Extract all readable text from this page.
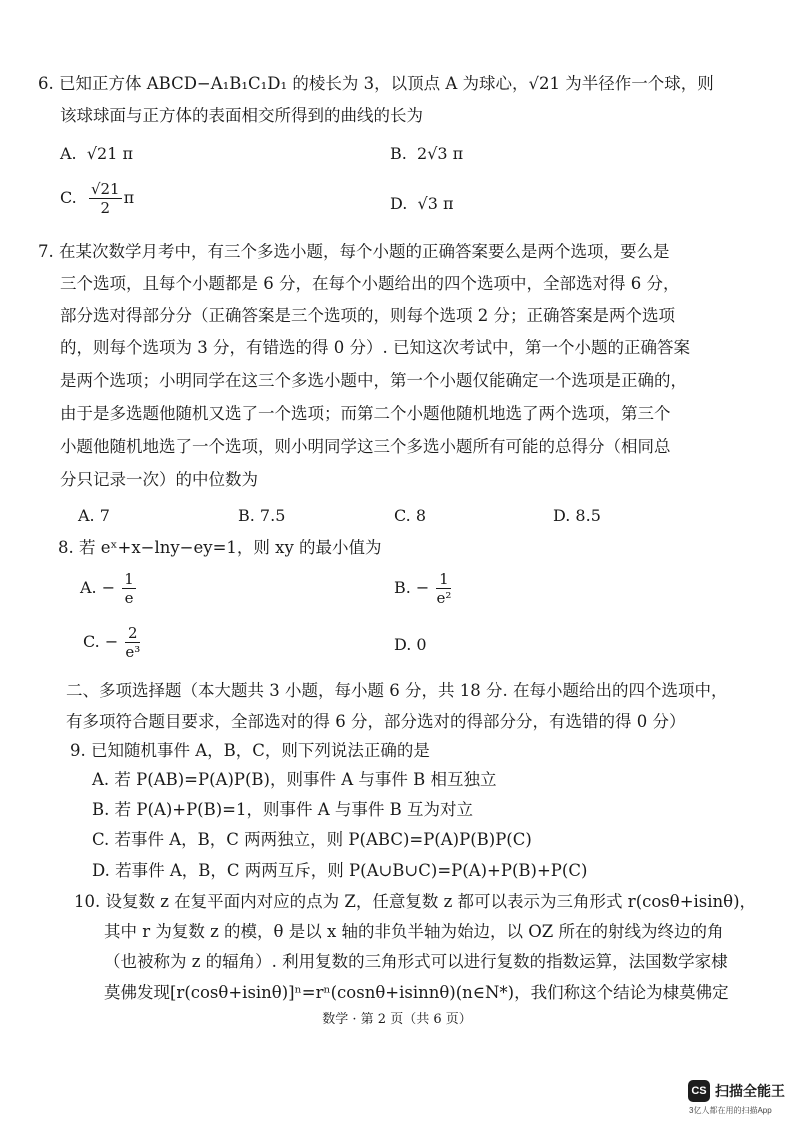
6. 已知正方体 ABCD−A₁B₁C₁D₁ 的棱长为 3，以顶点 A 为球心，√21 为半径作一个球，则
该球球面与正方体的表面相交所得到的曲线的长为
A. √21 π	B. 2√3 π
C. $\frac{√21}{2}$ π	D. √3 π
7. 在某次数学月考中，有三个多选小题，每个小题的正确答案要么是两个选项，要么是
三个选项，且每个小题都是 6 分，在每个小题给出的四个选项中，全部选对得 6 分，
部分选对得部分分（正确答案是三个选项的，则每个选项 2 分；正确答案是两个选项
的，则每个选项为 3 分，有错选的得 0 分）. 已知这次考试中，第一个小题的正确答案
是两个选项；小明同学在这三个多选小题中，第一个小题仅能确定一个选项是正确的，
由于是多选题他随机又选了一个选项；而第二个小题他随机地选了两个选项，第三个
小题他随机地选了一个选项，则小明同学这三个多选小题所有可能的总得分（相同总
分只记录一次）的中位数为
A. 7	B. 7.5	C. 8	D. 8.5
8. 若 eˣ+x−lny−ey=1，则 xy 的最小值为
A. − $\frac{1}{e}$	B. − $\frac{1}{\text{e²}}$
C. − $\frac{2}{\text{e³}}$	D. 0
二、多项选择题（本大题共 3 小题，每小题 6 分，共 18 分. 在每小题给出的四个选项中，
有多项符合题目要求，全部选对的得 6 分，部分选对的得部分分，有选错的得 0 分）
9. 已知随机事件 A，B，C，则下列说法正确的是
A. 若 P(AB)=P(A)P(B)，则事件 A 与事件 B 相互独立
B. 若 P(A)+P(B)=1，则事件 A 与事件 B 互为对立
C. 若事件 A，B，C 两两独立，则 P(ABC)=P(A)P(B)P(C)
D. 若事件 A，B，C 两两互斥，则 P(A∪B∪C)=P(A)+P(B)+P(C)
10. 设复数 z 在复平面内对应的点为 Z，任意复数 z 都可以表示为三角形式 r(cosθ+isinθ)，
其中 r 为复数 z 的模，θ 是以 x 轴的非负半轴为始边，以 OZ 所在的射线为终边的角
（也被称为 z 的辐角）. 利用复数的三角形式可以进行复数的指数运算，法国数学家棣
莫佛发现[r(cosθ+isinθ)]ⁿ=rⁿ(cosnθ+isinnθ)(n∈N*)，我们称这个结论为棣莫佛定
数学 · 第 2 页（共 6 页）
CS 扫描全能王
3亿人都在用的扫描App
